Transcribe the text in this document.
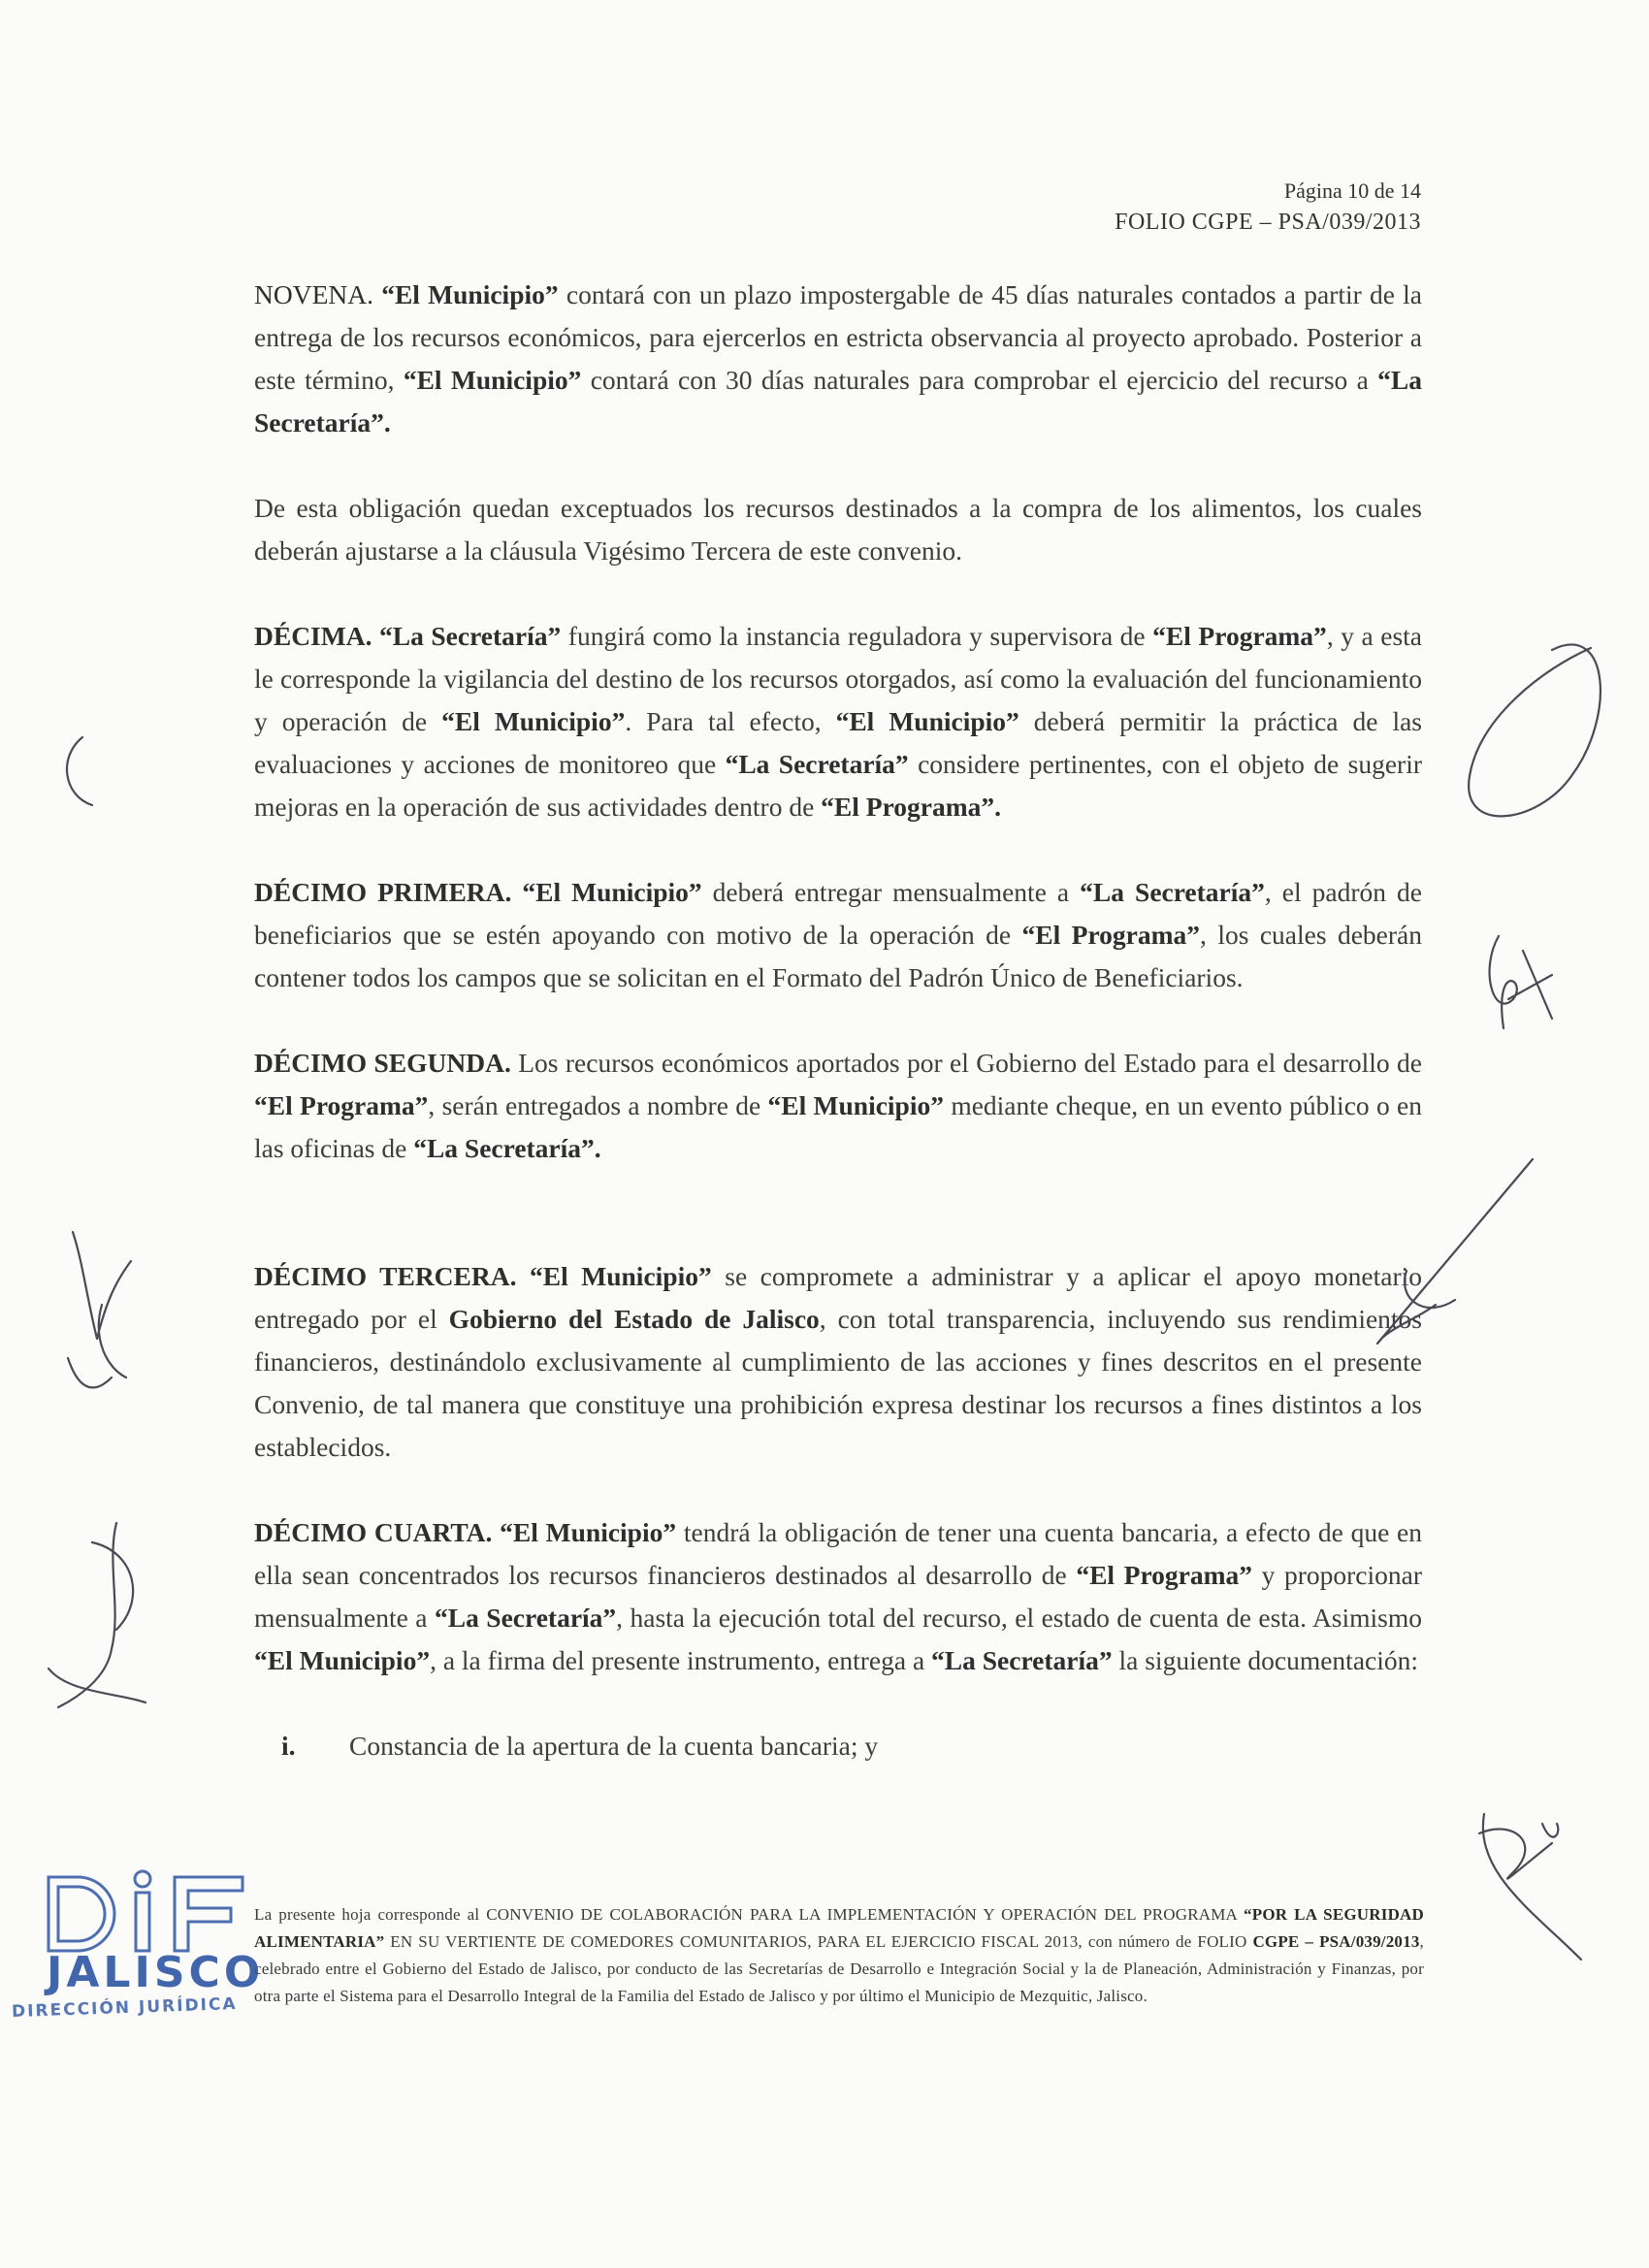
Página 10 de 14
FOLIO CGPE – PSA/039/2013

NOVENA. “El Municipio” contará con un plazo impostergable de 45 días naturales contados a partir de la entrega de los recursos económicos, para ejercerlos en estricta observancia al proyecto aprobado. Posterior a este término, “El Municipio” contará con 30 días naturales para comprobar el ejercicio del recurso a “La Secretaría”.

De esta obligación quedan exceptuados los recursos destinados a la compra de los alimentos, los cuales deberán ajustarse a la cláusula Vigésimo Tercera de este convenio.

DÉCIMA. “La Secretaría” fungirá como la instancia reguladora y supervisora de “El Programa”, y a esta le corresponde la vigilancia del destino de los recursos otorgados, así como la evaluación del funcionamiento y operación de “El Municipio”. Para tal efecto, “El Municipio” deberá permitir la práctica de las evaluaciones y acciones de monitoreo que “La Secretaría” considere pertinentes, con el objeto de sugerir mejoras en la operación de sus actividades dentro de “El Programa”.

DÉCIMO PRIMERA. “El Municipio” deberá entregar mensualmente a “La Secretaría”, el padrón de beneficiarios que se estén apoyando con motivo de la operación de “El Programa”, los cuales deberán contener todos los campos que se solicitan en el Formato del Padrón Único de Beneficiarios.

DÉCIMO SEGUNDA. Los recursos económicos aportados por el Gobierno del Estado para el desarrollo de “El Programa”, serán entregados a nombre de “El Municipio” mediante cheque, en un evento público o en las oficinas de “La Secretaría”.

DÉCIMO TERCERA. “El Municipio” se compromete a administrar y a aplicar el apoyo monetario entregado por el Gobierno del Estado de Jalisco, con total transparencia, incluyendo sus rendimientos financieros, destinándolo exclusivamente al cumplimiento de las acciones y fines descritos en el presente Convenio, de tal manera que constituye una prohibición expresa destinar los recursos a fines distintos a los establecidos.

DÉCIMO CUARTA. “El Municipio” tendrá la obligación de tener una cuenta bancaria, a efecto de que en ella sean concentrados los recursos financieros destinados al desarrollo de “El Programa” y proporcionar mensualmente a “La Secretaría”, hasta la ejecución total del recurso, el estado de cuenta de esta. Asimismo “El Municipio”, a la firma del presente instrumento, entrega a “La Secretaría” la siguiente documentación:

i.	Constancia de la apertura de la cuenta bancaria; y
La presente hoja corresponde al CONVENIO DE COLABORACIÓN PARA LA IMPLEMENTACIÓN Y OPERACIÓN DEL PROGRAMA “POR LA SEGURIDAD ALIMENTARIA” EN SU VERTIENTE DE COMEDORES COMUNITARIOS, PARA EL EJERCICIO FISCAL 2013, con número de FOLIO CGPE – PSA/039/2013, celebrado entre el Gobierno del Estado de Jalisco, por conducto de las Secretarías de Desarrollo e Integración Social y la de Planeación, Administración y Finanzas, por otra parte el Sistema para el Desarrollo Integral de la Familia del Estado de Jalisco y por último el Municipio de Mezquitic, Jalisco.
JALISCO
DIRECCIÓN JURÍDICA
